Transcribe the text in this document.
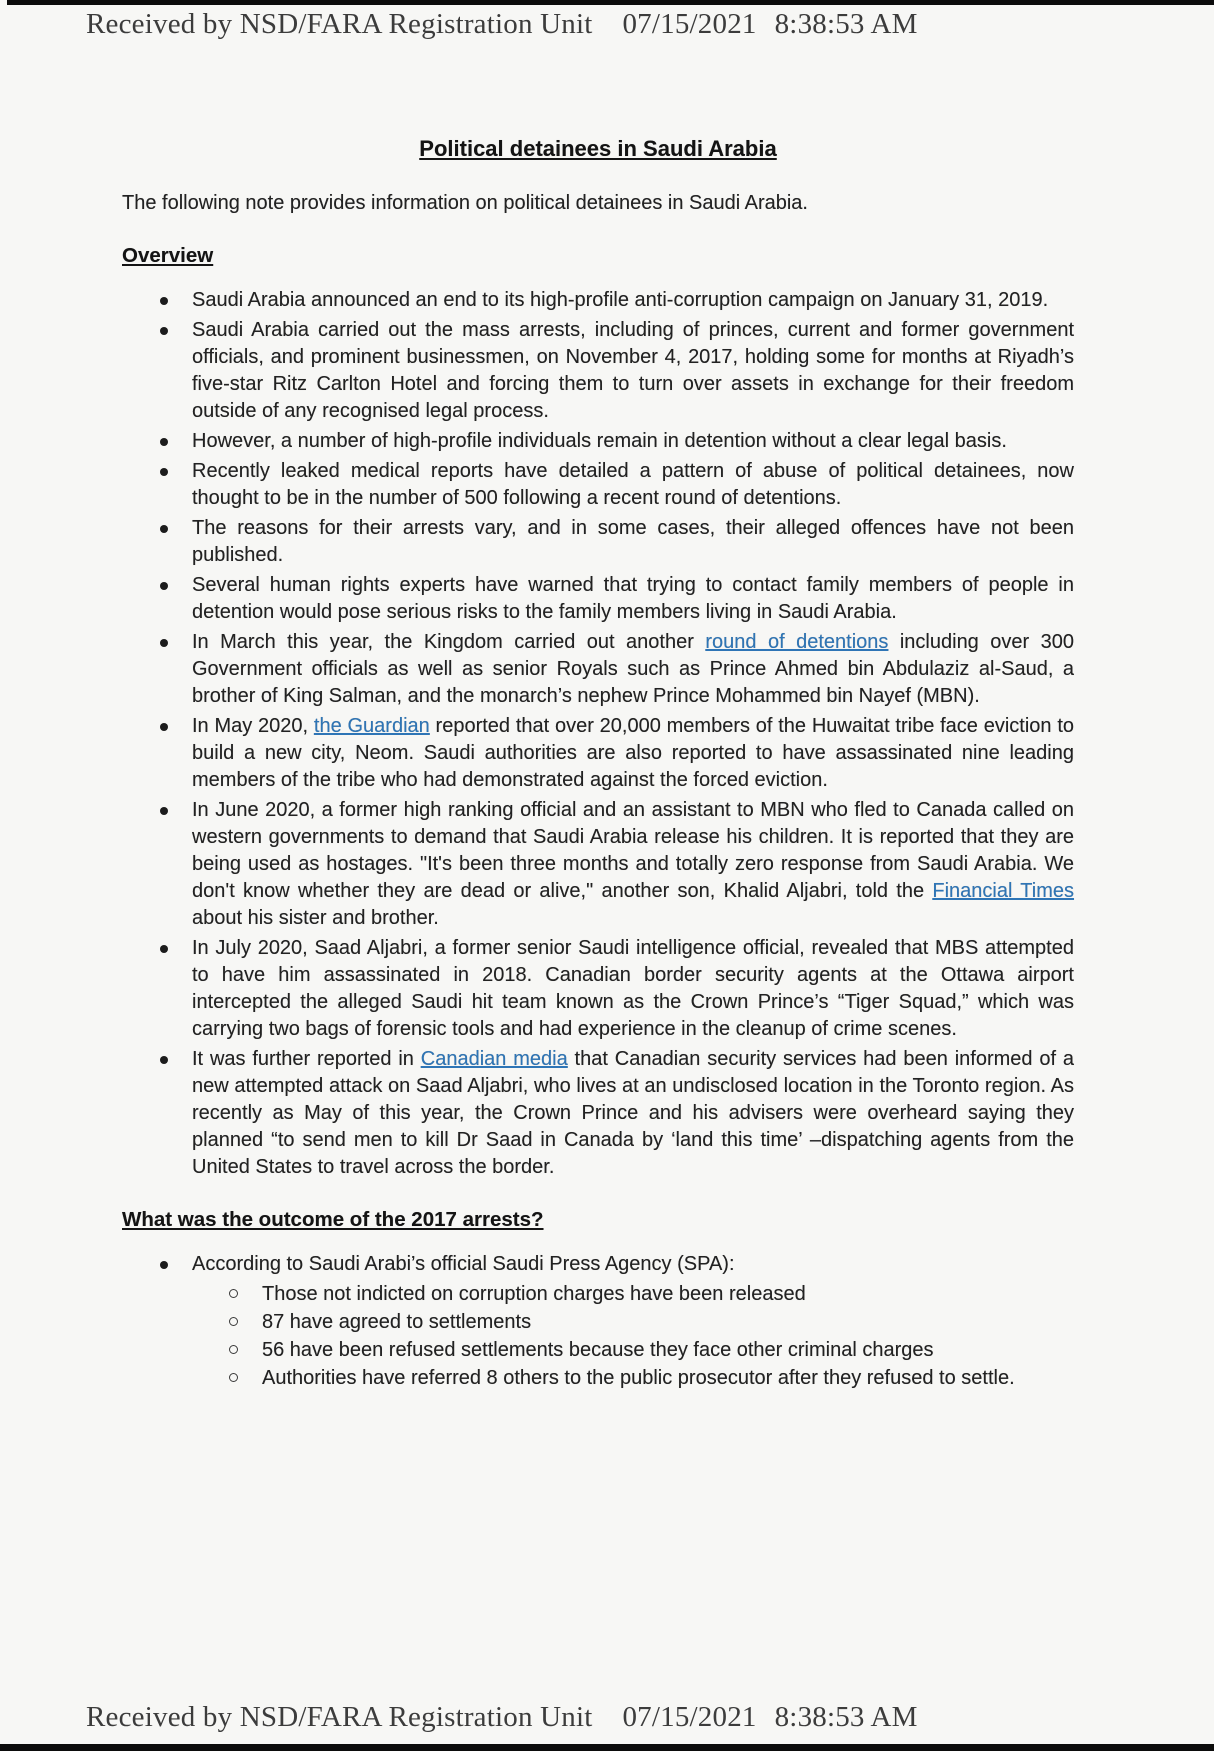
Received by NSD/FARA Registration Unit 07/15/2021 8:38:53 AM
Political detainees in Saudi Arabia
The following note provides information on political detainees in Saudi Arabia.
Overview
Saudi Arabia announced an end to its high-profile anti-corruption campaign on January 31, 2019.
Saudi Arabia carried out the mass arrests, including of princes, current and former government officials, and prominent businessmen, on November 4, 2017, holding some for months at Riyadh’s five-star Ritz Carlton Hotel and forcing them to turn over assets in exchange for their freedom outside of any recognised legal process.
However, a number of high-profile individuals remain in detention without a clear legal basis.
Recently leaked medical reports have detailed a pattern of abuse of political detainees, now thought to be in the number of 500 following a recent round of detentions.
The reasons for their arrests vary, and in some cases, their alleged offences have not been published.
Several human rights experts have warned that trying to contact family members of people in detention would pose serious risks to the family members living in Saudi Arabia.
In March this year, the Kingdom carried out another round of detentions including over 300 Government officials as well as senior Royals such as Prince Ahmed bin Abdulaziz al-Saud, a brother of King Salman, and the monarch’s nephew Prince Mohammed bin Nayef (MBN).
In May 2020, the Guardian reported that over 20,000 members of the Huwaitat tribe face eviction to build a new city, Neom. Saudi authorities are also reported to have assassinated nine leading members of the tribe who had demonstrated against the forced eviction.
In June 2020, a former high ranking official and an assistant to MBN who fled to Canada called on western governments to demand that Saudi Arabia release his children. It is reported that they are being used as hostages. "It's been three months and totally zero response from Saudi Arabia. We don't know whether they are dead or alive," another son, Khalid Aljabri, told the Financial Times about his sister and brother.
In July 2020, Saad Aljabri, a former senior Saudi intelligence official, revealed that MBS attempted to have him assassinated in 2018. Canadian border security agents at the Ottawa airport intercepted the alleged Saudi hit team known as the Crown Prince’s “Tiger Squad,” which was carrying two bags of forensic tools and had experience in the cleanup of crime scenes.
It was further reported in Canadian media that Canadian security services had been informed of a new attempted attack on Saad Aljabri, who lives at an undisclosed location in the Toronto region. As recently as May of this year, the Crown Prince and his advisers were overheard saying they planned “to send men to kill Dr Saad in Canada by ‘land this time’ –dispatching agents from the United States to travel across the border.
What was the outcome of the 2017 arrests?
According to Saudi Arabi’s official Saudi Press Agency (SPA):
Those not indicted on corruption charges have been released
87 have agreed to settlements
56 have been refused settlements because they face other criminal charges
Authorities have referred 8 others to the public prosecutor after they refused to settle.
Received by NSD/FARA Registration Unit 07/15/2021 8:38:53 AM
